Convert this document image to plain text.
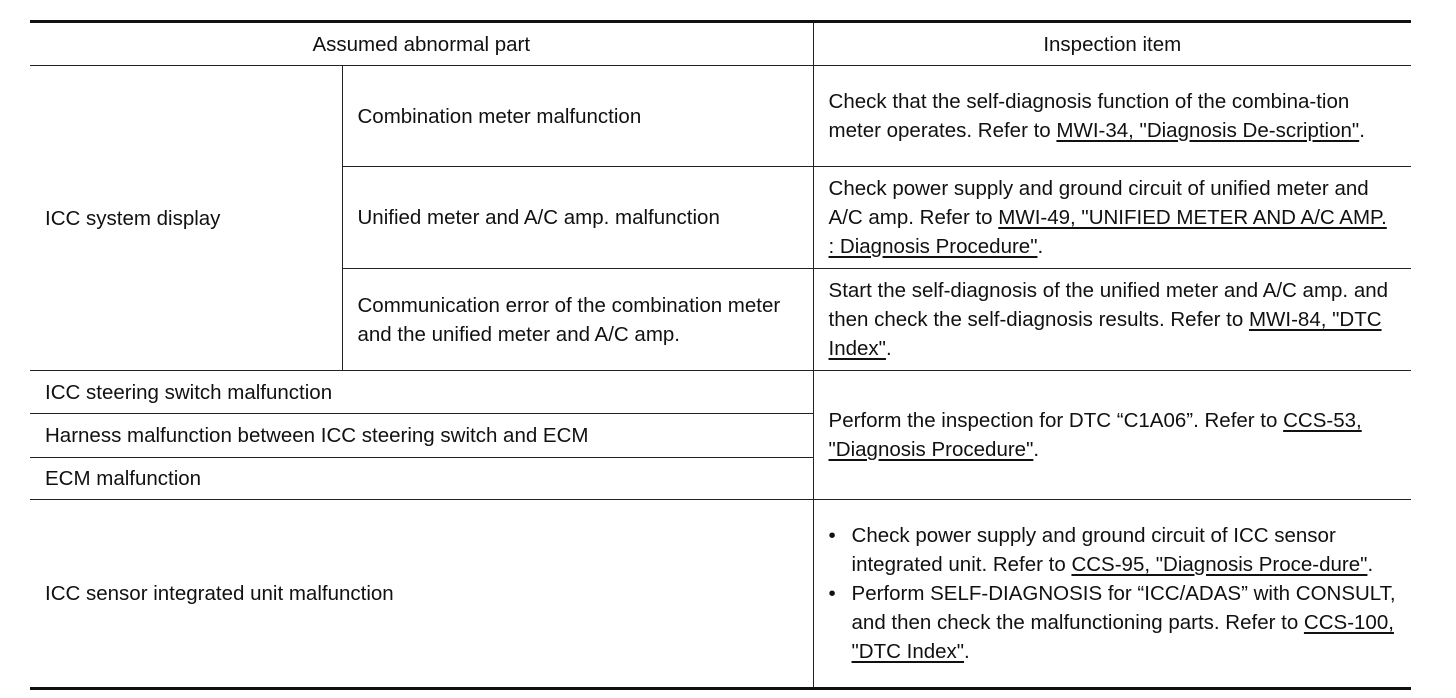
Assumed abnormal part		Inspection item
ICC system display	Combination meter malfunction	Check that the self-diagnosis function of the combina-tion meter operates. Refer to MWI-34, "Diagnosis De-scription".
	Unified meter and A/C amp. malfunction	Check power supply and ground circuit of unified meter and A/C amp. Refer to MWI-49, "UNIFIED METER AND A/C AMP. : Diagnosis Procedure".
	Communication error of the combination meter and the unified meter and A/C amp.	Start the self-diagnosis of the unified meter and A/C amp. and then check the self-diagnosis results. Refer to MWI-84, "DTC Index".
ICC steering switch malfunction		Perform the inspection for DTC “C1A06”. Refer to CCS-53, "Diagnosis Procedure".
Harness malfunction between ICC steering switch and ECM		
ECM malfunction		
ICC sensor integrated unit malfunction		• Check power supply and ground circuit of ICC sensor integrated unit. Refer to CCS-95, "Diagnosis Proce-dure".
• Perform SELF-DIAGNOSIS for “ICC/ADAS” with CONSULT, and then check the malfunctioning parts. Refer to CCS-100, "DTC Index".
